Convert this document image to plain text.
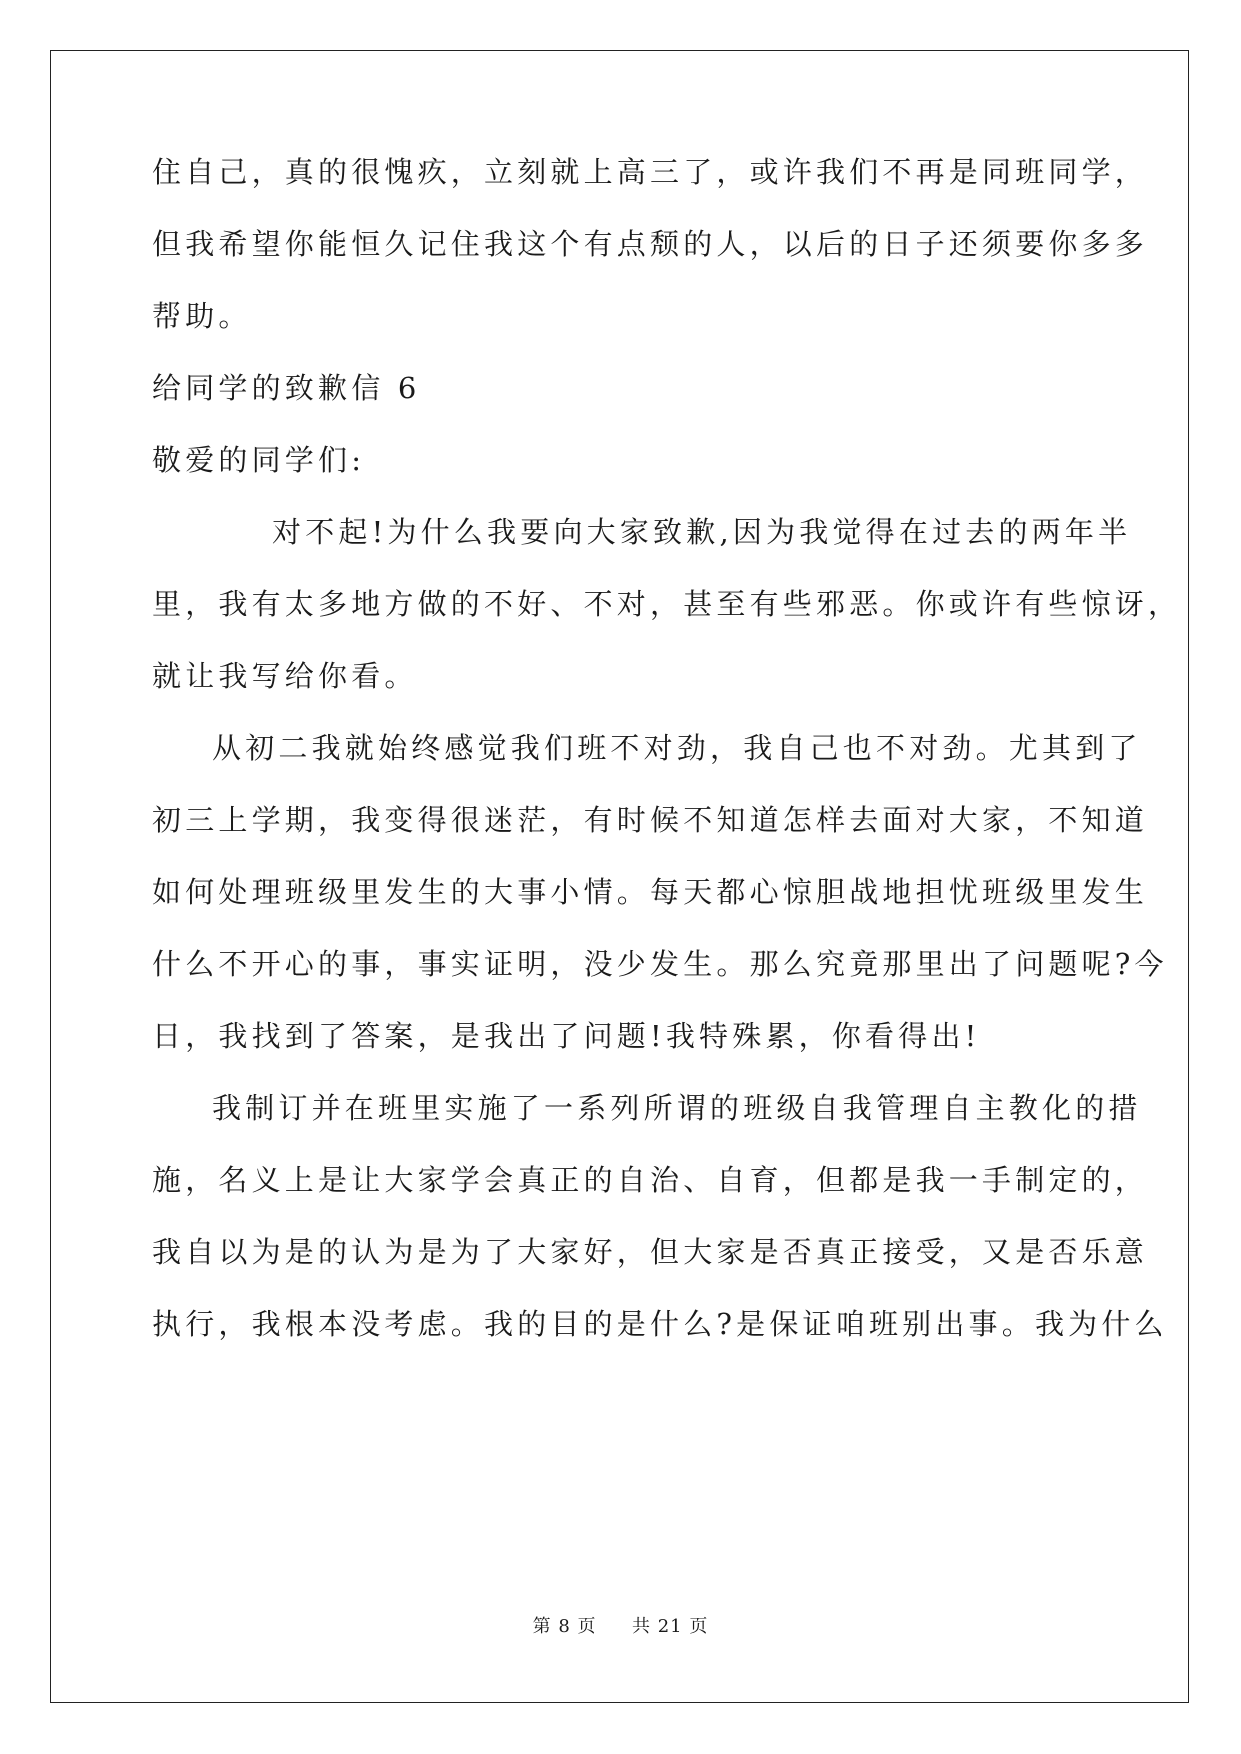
住自己，真的很愧疚，立刻就上高三了，或许我们不再是同班同学，
但我希望你能恒久记住我这个有点颓的人，以后的日子还须要你多多
帮助。
给同学的致歉信 6
敬爱的同学们:
对不起!为什么我要向大家致歉,因为我觉得在过去的两年半
里，我有太多地方做的不好、不对，甚至有些邪恶。你或许有些惊讶，
就让我写给你看。
从初二我就始终感觉我们班不对劲，我自己也不对劲。尤其到了
初三上学期，我变得很迷茫，有时候不知道怎样去面对大家，不知道
如何处理班级里发生的大事小情。每天都心惊胆战地担忧班级里发生
什么不开心的事，事实证明，没少发生。那么究竟那里出了问题呢?今
日，我找到了答案，是我出了问题!我特殊累，你看得出!
我制订并在班里实施了一系列所谓的班级自我管理自主教化的措
施，名义上是让大家学会真正的自治、自育，但都是我一手制定的，
我自以为是的认为是为了大家好，但大家是否真正接受，又是否乐意
执行，我根本没考虑。我的目的是什么?是保证咱班别出事。我为什么
第 8 页 共 21 页
